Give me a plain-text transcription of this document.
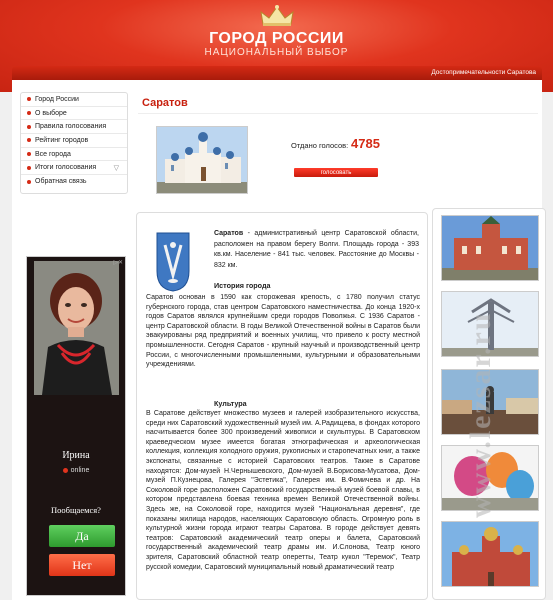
ГОРОД РОССИИ
НАЦИОНАЛЬНЫЙ ВЫБОР
Достопримечательности Саратова
Город России
О выборе
Правила голосования
Рейтинг городов
Все города
Итоги голосования ▽
Обратная связь
Саратов
Отдано голосов: 4785
голосовать
▷✕
Ирина
online
Пообщаемся?
Да
Нет
Саратов - административный центр Саратовской области, расположен на правом берегу Волги. Площадь города - 393 кв.км. Население - 841 тыс. человек. Расстояние до Москвы - 832 км.
История города
Саратов основан в 1590 как сторожевая крепость, с 1780 получил статус губернского города, став центром Саратовского наместничества. До конца 1920-х годов Саратов являлся крупнейшим среди городов Поволжья. С 1936 Саратов - центр Саратовской области. В годы Великой Отечественной войны в Саратов были эвакуированы ряд предприятий и военных училищ, что привело к росту местной промышленности. Сегодня Саратов - крупный научный и производственный центр России, с многочисленными промышленными, культурными и образовательными учреждениями.
Культура
В Саратове действует множество музеев и галерей изобразительного искусства, среди них Саратовский художественный музей им. А.Радищева, в фондах которого насчитывается более 300 произведений живописи и скульптуры. В Саратовском краеведческом музее имеется богатая этнографическая и археологическая коллекция, коллекция холодного оружия, рукописных и старопечатных книг, а также экспонаты, связанные с историей Саратовских театров. Также в Саратове находятся: Дом-музей Н.Чернышевского, Дом-музей В.Борисова-Мусатова, Дом-музей П.Кузнецова, Галерея "Эстетика", Галерея им. В.Фомичева и др. На Соколовой горе расположен Саратовский государственный музей боевой славы, в котором представлена боевая техника времен Великой Отечественной войны. Здесь же, на Соколовой горе, находится музей "Национальная деревня", где показаны жилища народов, населяющих Саратовскую область. Огромную роль в культурной жизни города играют театры Саратова. В городе действует девять театров: Саратовский академический театр оперы и балета, Саратовский государственный академический театр драмы им. И.Слонова, Театр юного зрителя, Саратовский областной театр оперетты, Театр кукол "Теремок", Театр русской комедии, Саратовский муниципальный новый драматический театр
www.lezsar.ru
